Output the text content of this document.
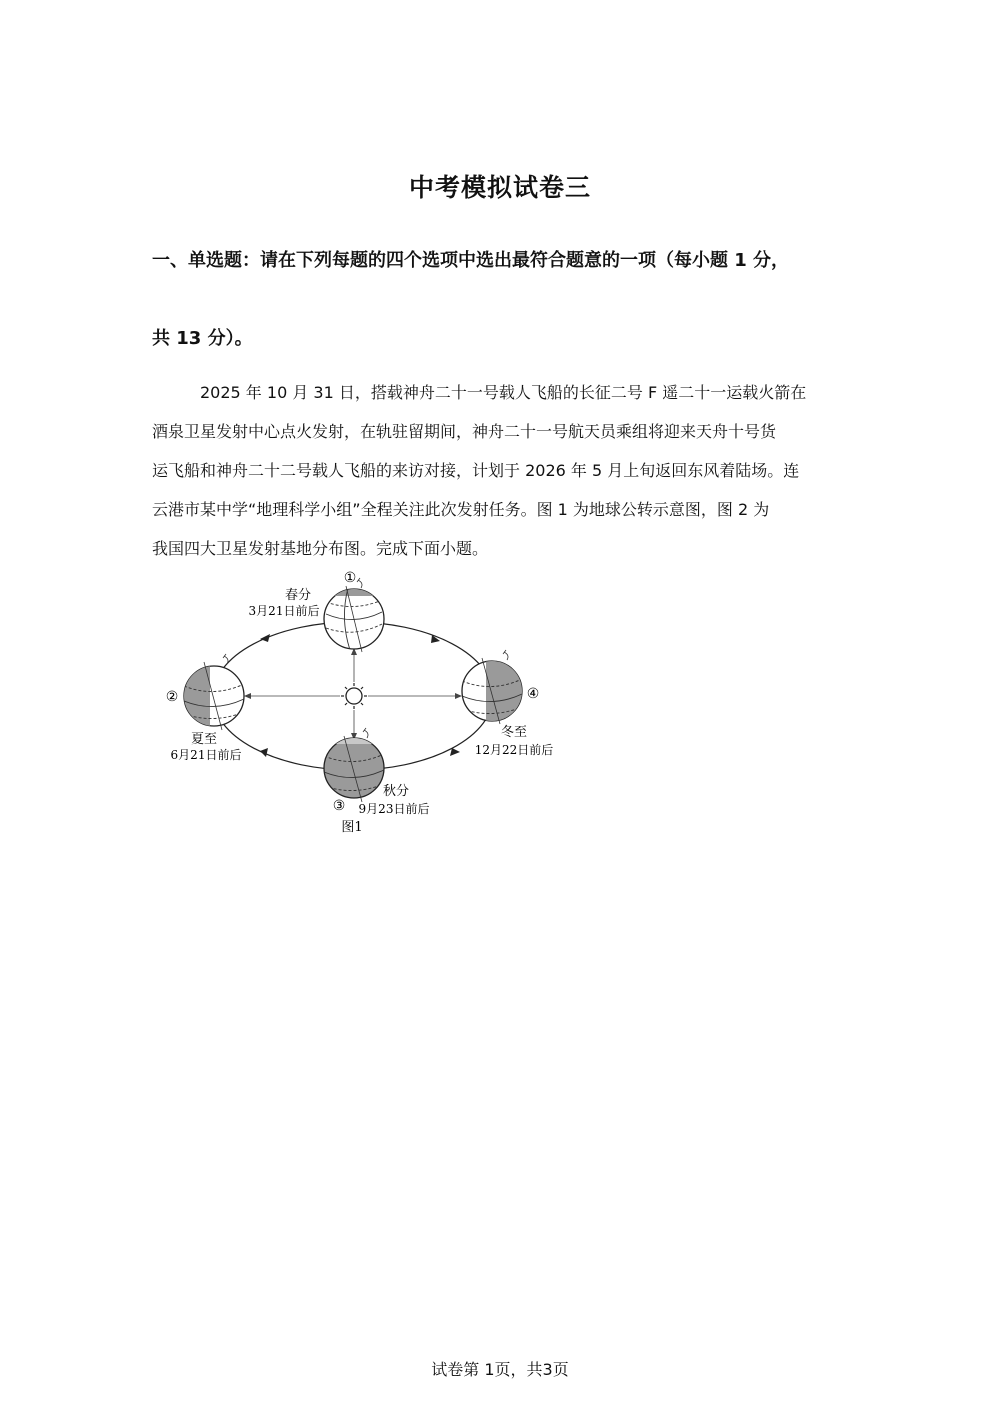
中考模拟试卷三
一、单选题：请在下列每题的四个选项中选出最符合题意的一项（每小题 1 分，
共 13 分）。
2025 年 10 月 31 日，搭载神舟二十一号载人飞船的长征二号 F 遥二十一运载火箭在
酒泉卫星发射中心点火发射，在轨驻留期间，神舟二十一号航天员乘组将迎来天舟十号货
运飞船和神舟二十二号载人飞船的来访对接，计划于 2026 年 5 月上旬返回东风着陆场。连
云港市某中学“地理科学小组”全程关注此次发射任务。图 1 为地球公转示意图，图 2 为
我国四大卫星发射基地分布图。完成下面小题。
①
春分
3月21日前后
②
夏至
6月21日前后
③
秋分
9月23日前后
④
冬至
12月22日前后
图1
试卷第 1页，共3页
